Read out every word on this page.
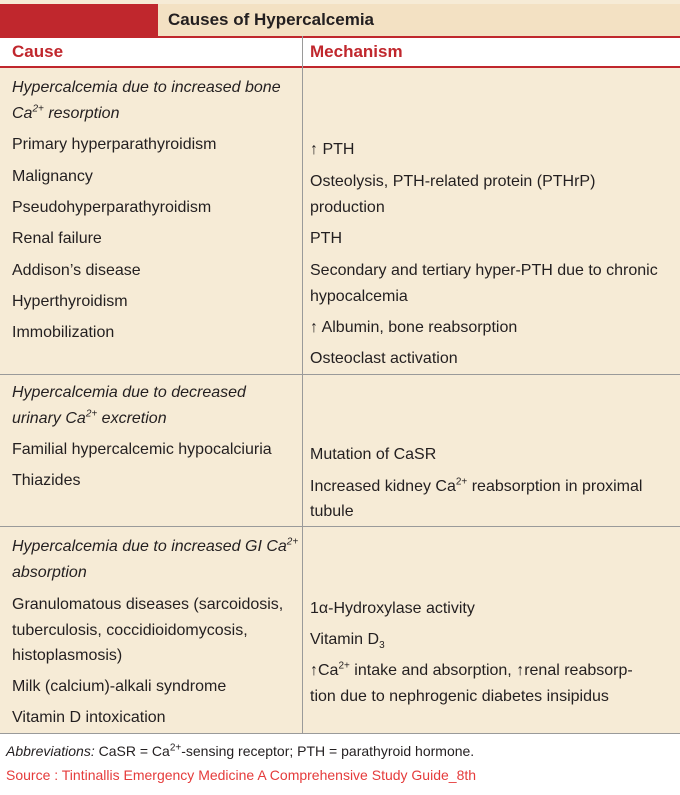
Causes of Hypercalcemia
Cause	Mechanism
Hypercalcemia due to increased bone
$Ca^{2+}$ resorption
Primary hyperparathyroidism
Malignancy
Pseudohyperparathyroidism
Renal failure
Addison’s disease
Hyperthyroidism
Immobilization
↑ PTH
Osteolysis, PTH-related protein (PTHrP)
production
PTH
Secondary and tertiary hyper-PTH due to chronic
hypocalcemia
↑ Albumin, bone reabsorption
Osteoclast activation
Hypercalcemia due to decreased
urinary $Ca^{2+}$ excretion
Familial hypercalcemic hypocalciuria
Thiazides
Mutation of CaSR
Increased kidney $Ca^{2+}$ reabsorption in proximal
tubule
Hypercalcemia due to increased GI $Ca^{2+}$
absorption
Granulomatous diseases (sarcoidosis,
tuberculosis, coccidioidomycosis,
histoplasmosis)
Milk (calcium)-alkali syndrome
Vitamin D intoxication
1α-Hydroxylase activity
Vitamin $D_3$
$↑Ca^{2+}$ intake and absorption, ↑renal reabsorp-
tion due to nephrogenic diabetes insipidus
Abbreviations: CaSR = $Ca^{2+}$-sensing receptor; PTH = parathyroid hormone.
Source : Tintinallis Emergency Medicine A Comprehensive Study Guide_8th
